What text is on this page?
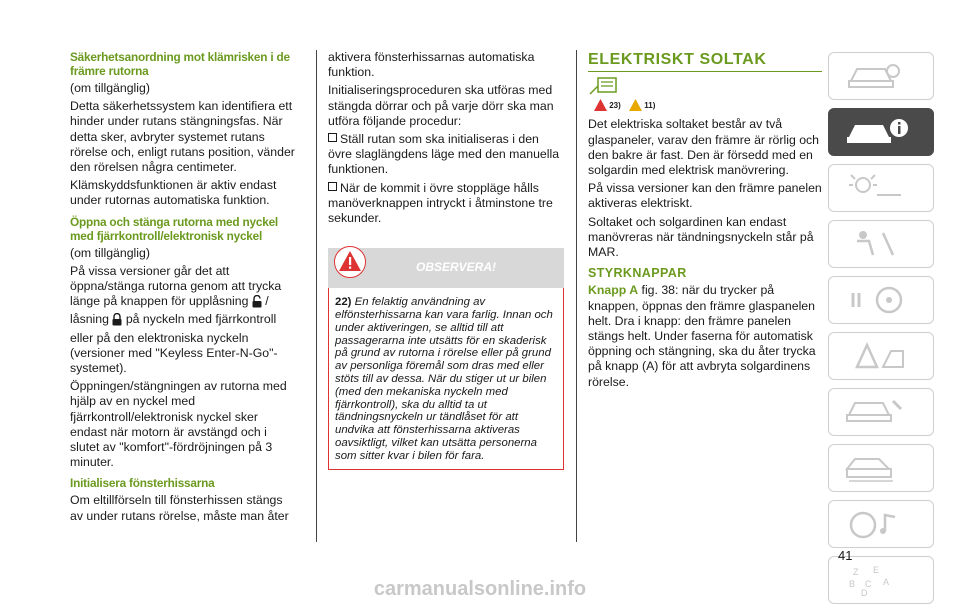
Säkerhetsanordning mot klämrisken i de främre rutorna

(om tillgänglig)

Detta säkerhetssystem kan identifiera ett hinder under rutans stängningsfas. När detta sker, avbryter systemet rutans rörelse och, enligt rutans position, vänder den rörelsen några centimeter.

Klämskyddsfunktionen är aktiv endast under rutornas automatiska funktion.

Öppna och stänga rutorna med nyckel med fjärrkontroll/elektronisk nyckel

(om tillgänglig)

På vissa versioner går det att öppna/stänga rutorna genom att trycka länge på knappen för upplåsning / låsning på nyckeln med fjärrkontroll eller på den elektroniska nyckeln (versioner med "Keyless Enter-N-Go"-systemet).

Öppningen/stängningen av rutorna med hjälp av en nyckel med fjärrkontroll/elektronisk nyckel sker endast när motorn är avstängd och i slutet av "komfort"-fördröjningen på 3 minuter.

Initialisera fönsterhissarna

Om eltillförseln till fönsterhissen stängs av under rutans rörelse, måste man åter

aktivera fönsterhissarnas automatiska funktion.

Initialiseringsproceduren ska utföras med stängda dörrar och på varje dörr ska man utföra följande procedur:

Ställ rutan som ska initialiseras i den övre slaglängdens läge med den manuella funktionen.

När de kommit i övre stoppläge hålls manöverknappen intryckt i åtminstone tre sekunder.

OBSERVERA!
22) En felaktig användning av elfönsterhissarna kan vara farlig. Innan och under aktiveringen, se alltid till att passagerarna inte utsätts för en skaderisk på grund av rutorna i rörelse eller på grund av personliga föremål som dras med eller stöts till av dessa. När du stiger ut ur bilen (med den mekaniska nyckeln med fjärrkontroll), ska du alltid ta ut tändningsnyckeln ur tändlåset för att undvika att fönsterhissarna aktiveras oavsiktligt, vilket kan utsätta personerna som sitter kvar i bilen för fara.
ELEKTRISKT SOLTAK
23)	11)

Det elektriska soltaket består av två glaspaneler, varav den främre är rörlig och den bakre är fast. Den är försedd med en solgardin med elektrisk manövrering.

På vissa versioner kan den främre panelen aktiveras elektriskt.

Soltaket och solgardinen kan endast manövreras när tändningsnyckeln står på MAR.

STYRKNAPPAR

Knapp A fig. 38: när du trycker på knappen, öppnas den främre glaspanelen helt. Dra i knapp: den främre panelen stängs helt. Under faserna för automatisk öppning och stängning, ska du åter trycka på knapp (A) för att avbryta solgardinens rörelse.

Z E
B C A
D
41
carmanualsonline.info
